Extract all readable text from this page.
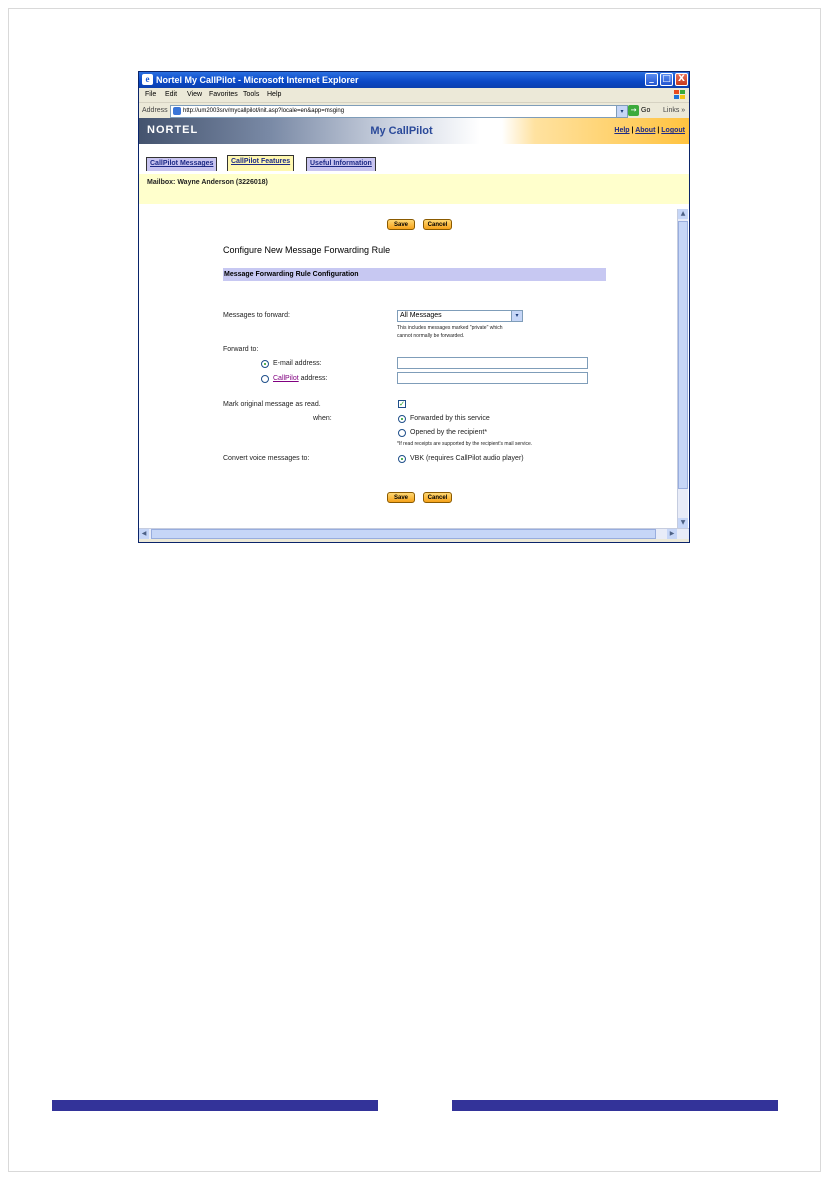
e Nortel My CallPilot - Microsoft Internet Explorer	_ □ X
File Edit View Favorites Tools Help
Address	http://um2003srv/mycallpilot/init.asp?locale=en&app=msging	▾	→ Go Links »
NORTEL	My CallPilot	Help | About | Logout
CallPilot Messages	CallPilot Features	Useful Information
Mailbox: Wayne Anderson (3226018)
Save	Cancel
Configure New Message Forwarding Rule
Message Forwarding Rule Configuration
Messages to forward:	All Messages	▾
This includes messages marked "private" which
cannot normally be forwarded.
Forward to:
E-mail address:
CallPilot address:
Mark original message as read.	✓
when:	Forwarded by this service
Opened by the recipient*
*If read receipts are supported by the recipient's mail service.
Convert voice messages to:	VBK (requires CallPilot audio player)
Save	Cancel
▲
▼
◀	▶
